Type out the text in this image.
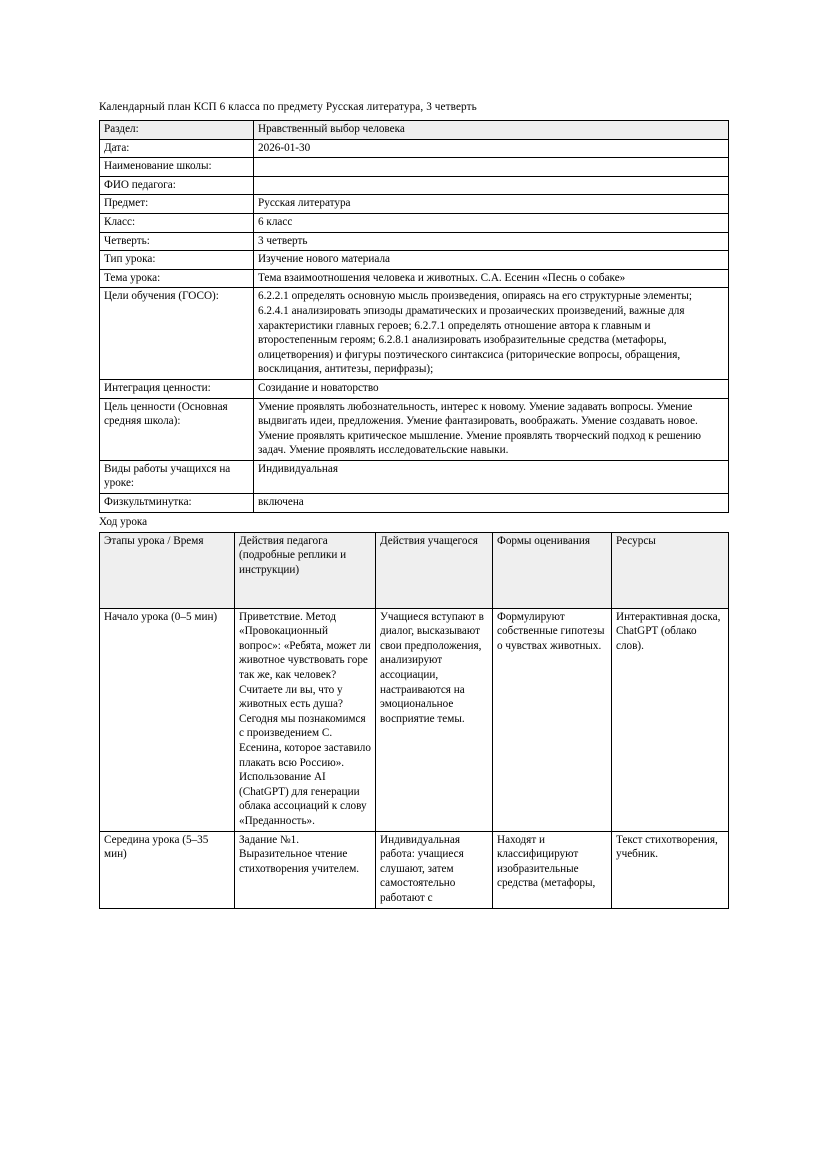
Календарный план КСП 6 класса по предмету Русская литература, 3 четверть
Раздел:	Нравственный выбор человека
Дата:	2026-01-30
Наименование школы:	
ФИО педагога:	
Предмет:	Русская литература
Класс:	6 класс
Четверть:	3 четверть
Тип урока:	Изучение нового материала
Тема урока:	Тема взаимоотношения человека и животных. С.А. Есенин «Песнь о собаке»
Цели обучения (ГОСО):	6.2.2.1 определять основную мысль произведения, опираясь на его структурные элементы; 6.2.4.1 анализировать эпизоды драматических и прозаических произведений, важные для характеристики главных героев; 6.2.7.1 определять отношение автора к главным и второстепенным героям; 6.2.8.1 анализировать изобразительные средства (метафоры, олицетворения) и фигуры поэтического синтаксиса (риторические вопросы, обращения, восклицания, антитезы, перифразы);
Интеграция ценности:	Созидание и новаторство
Цель ценности (Основная средняя школа):	Умение проявлять любознательность, интерес к новому. Умение задавать вопросы. Умение выдвигать идеи, предложения. Умение фантазировать, воображать. Умение создавать новое. Умение проявлять критическое мышление. Умение проявлять творческий подход к решению задач. Умение проявлять исследовательские навыки.
Виды работы учащихся на уроке:	Индивидуальная
Физкультминутка:	включена
Ход урока
Этапы урока / Время	Действия педагога (подробные реплики и инструкции)	Действия учащегося	Формы оценивания	Ресурсы
Начало урока (0–5 мин)	Приветствие. Метод «Провокационный вопрос»: «Ребята, может ли животное чувствовать горе так же, как человек? Считаете ли вы, что у животных есть душа? Сегодня мы познакомимся с произведением С. Есенина, которое заставило плакать всю Россию». Использование AI (ChatGPT) для генерации облака ассоциаций к слову «Преданность».	Учащиеся вступают в диалог, высказывают свои предположения, анализируют ассоциации, настраиваются на эмоциональное восприятие темы.	Формулируют собственные гипотезы о чувствах животных.	Интерактивная доска, ChatGPT (облако слов).
Середина урока (5–35 мин)	Задание №1. Выразительное чтение стихотворения учителем.	Индивидуальная работа: учащиеся слушают, затем самостоятельно работают с	Находят и классифицируют изобразительные средства (метафоры,	Текст стихотворения, учебник.
